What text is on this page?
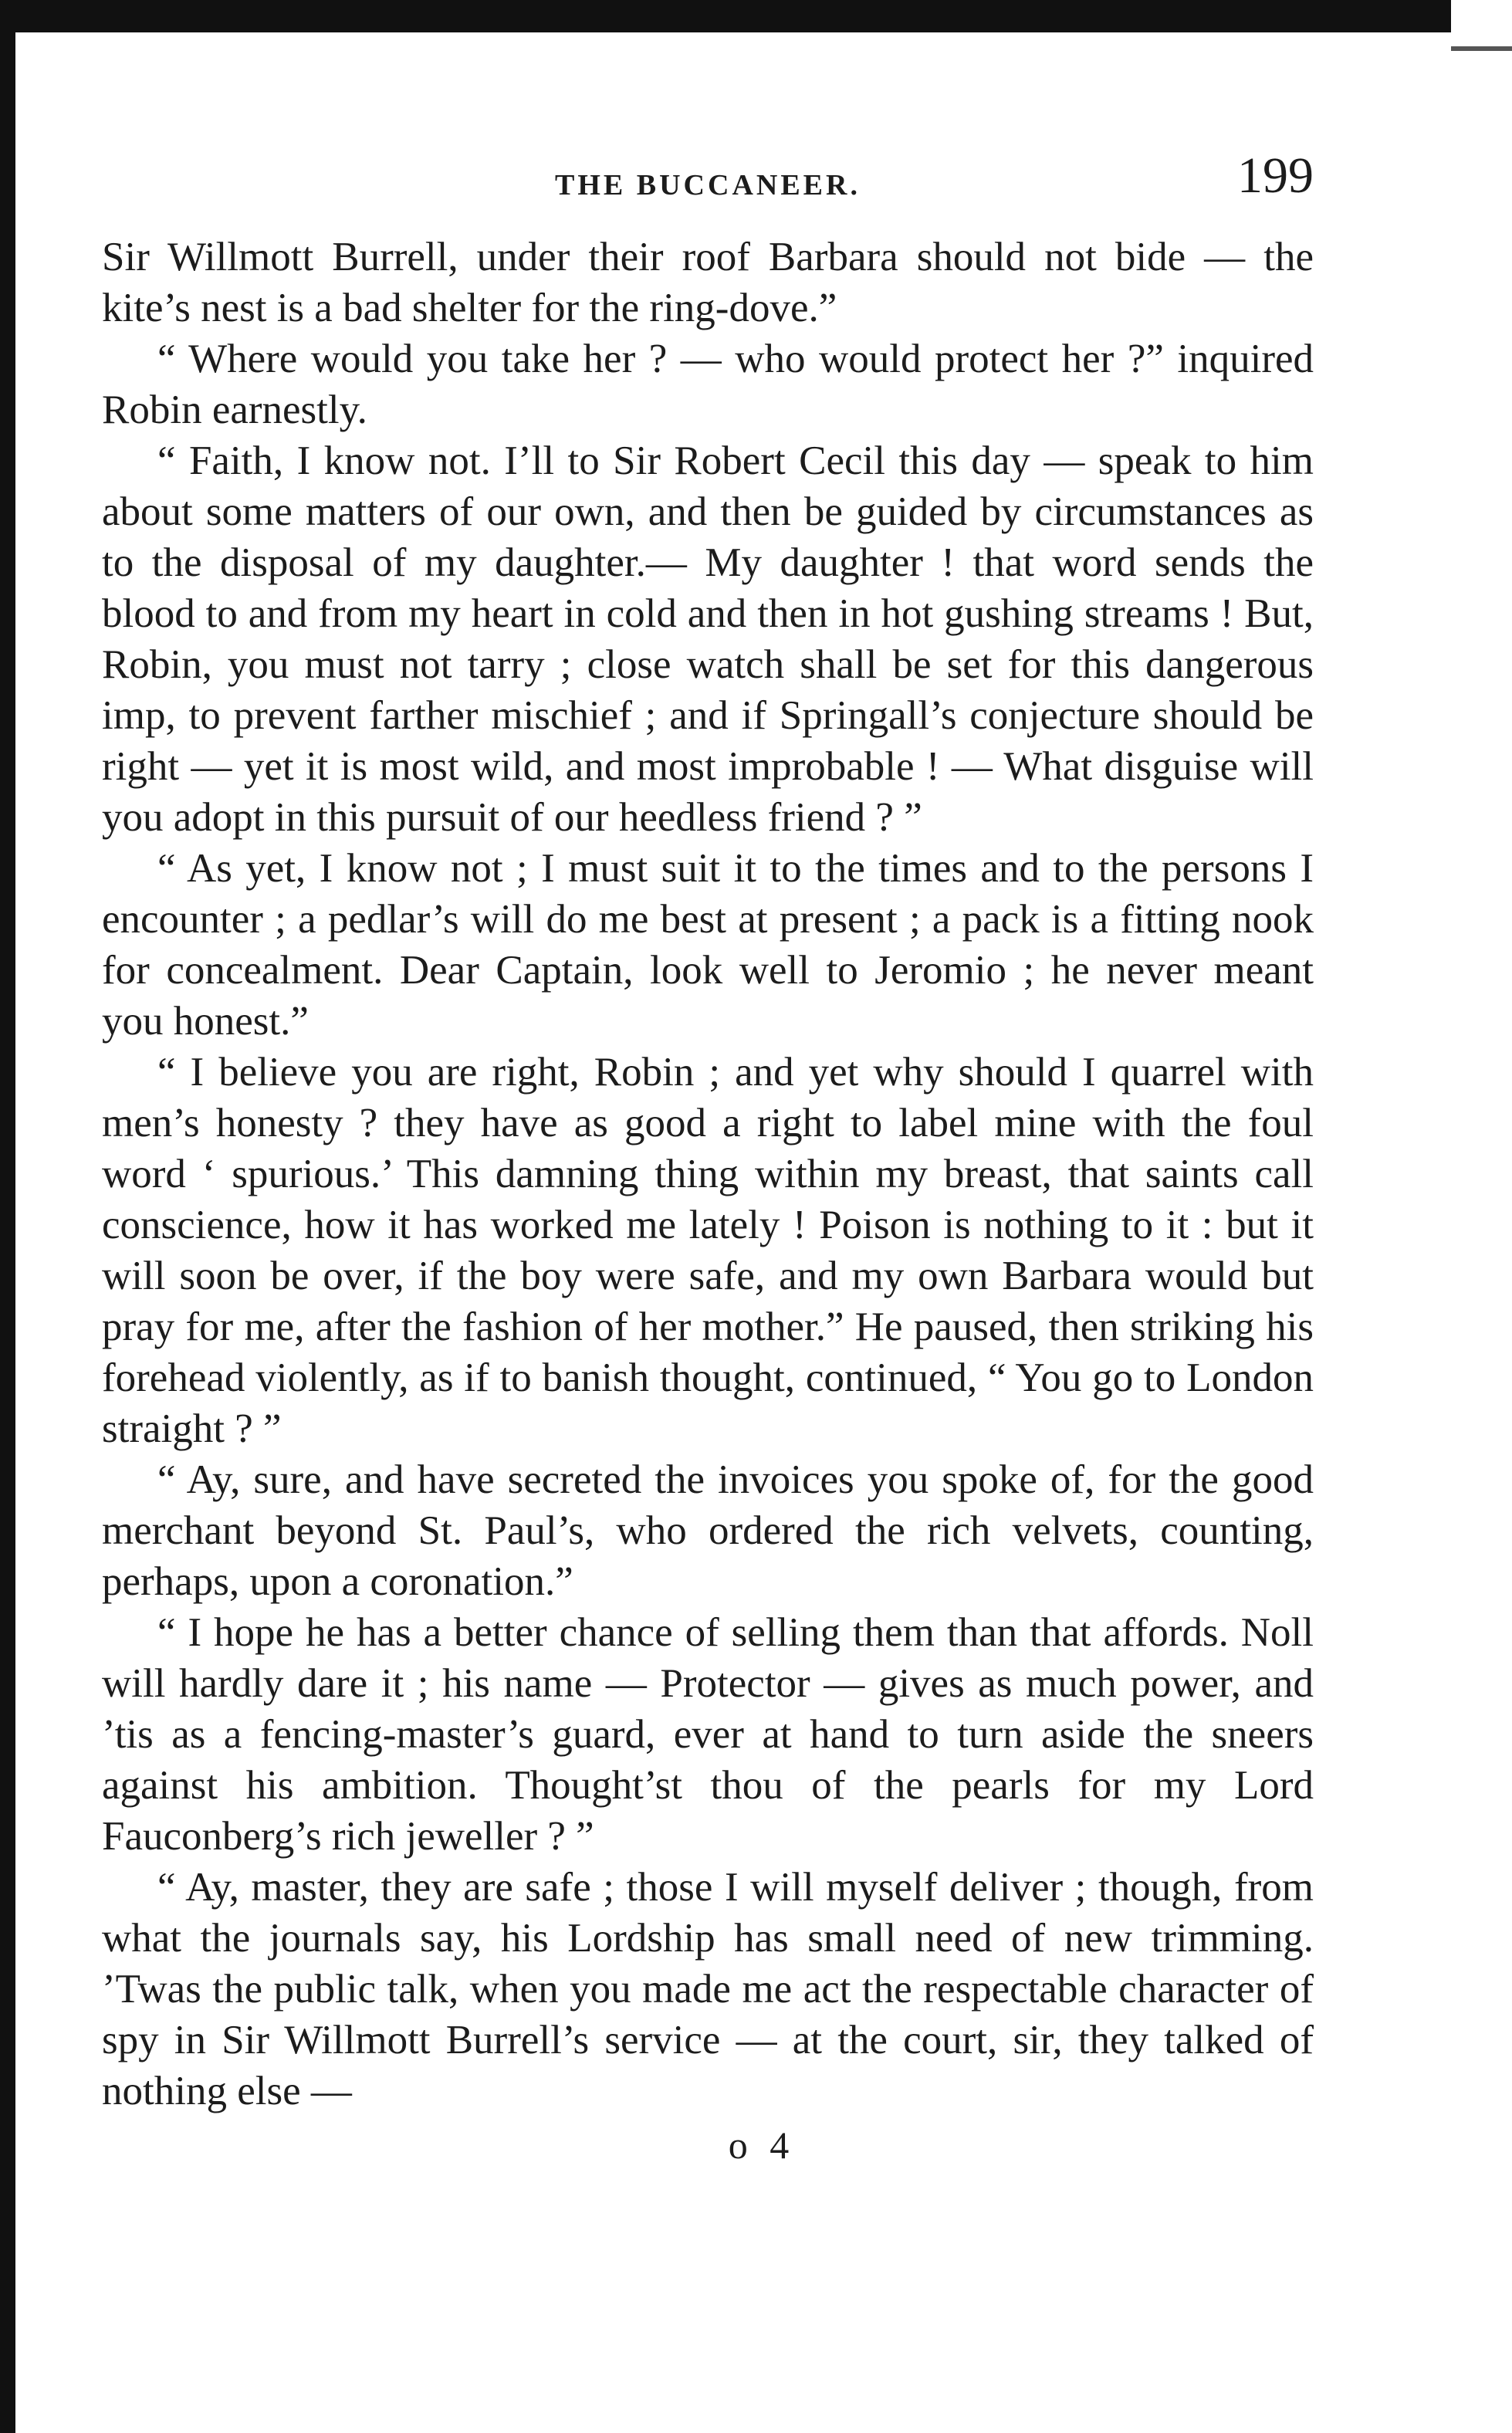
THE BUCCANEER.	199

Sir Willmott Burrell, under their roof Barbara should not bide — the kite’s nest is a bad shelter for the ring-dove.”

“ Where would you take her ? — who would protect her ?” inquired Robin earnestly.

“ Faith, I know not. I’ll to Sir Robert Cecil this day — speak to him about some matters of our own, and then be guided by circumstances as to the disposal of my daughter.— My daughter ! that word sends the blood to and from my heart in cold and then in hot gushing streams ! But, Robin, you must not tarry ; close watch shall be set for this dangerous imp, to prevent farther mischief ; and if Springall’s conjecture should be right — yet it is most wild, and most improbable ! — What disguise will you adopt in this pursuit of our heedless friend ? ”

“ As yet, I know not ; I must suit it to the times and to the persons I encounter ; a pedlar’s will do me best at present ; a pack is a fitting nook for concealment. Dear Captain, look well to Jeromio ; he never meant you honest.”

“ I believe you are right, Robin ; and yet why should I quarrel with men’s honesty ? they have as good a right to label mine with the foul word ‘ spurious.’ This damning thing within my breast, that saints call conscience, how it has worked me lately ! Poison is nothing to it : but it will soon be over, if the boy were safe, and my own Barbara would but pray for me, after the fashion of her mother.” He paused, then striking his forehead violently, as if to banish thought, continued, “ You go to London straight ? ”

“ Ay, sure, and have secreted the invoices you spoke of, for the good merchant beyond St. Paul’s, who ordered the rich velvets, counting, perhaps, upon a coronation.”

“ I hope he has a better chance of selling them than that affords. Noll will hardly dare it ; his name — Protector — gives as much power, and ’tis as a fencing-master’s guard, ever at hand to turn aside the sneers against his ambition. Thought’st thou of the pearls for my Lord Fauconberg’s rich jeweller ? ”

“ Ay, master, they are safe ; those I will myself deliver ; though, from what the journals say, his Lordship has small need of new trimming. ’Twas the public talk, when you made me act the respectable character of spy in Sir Willmott Burrell’s service — at the court, sir, they talked of nothing else —

o 4
